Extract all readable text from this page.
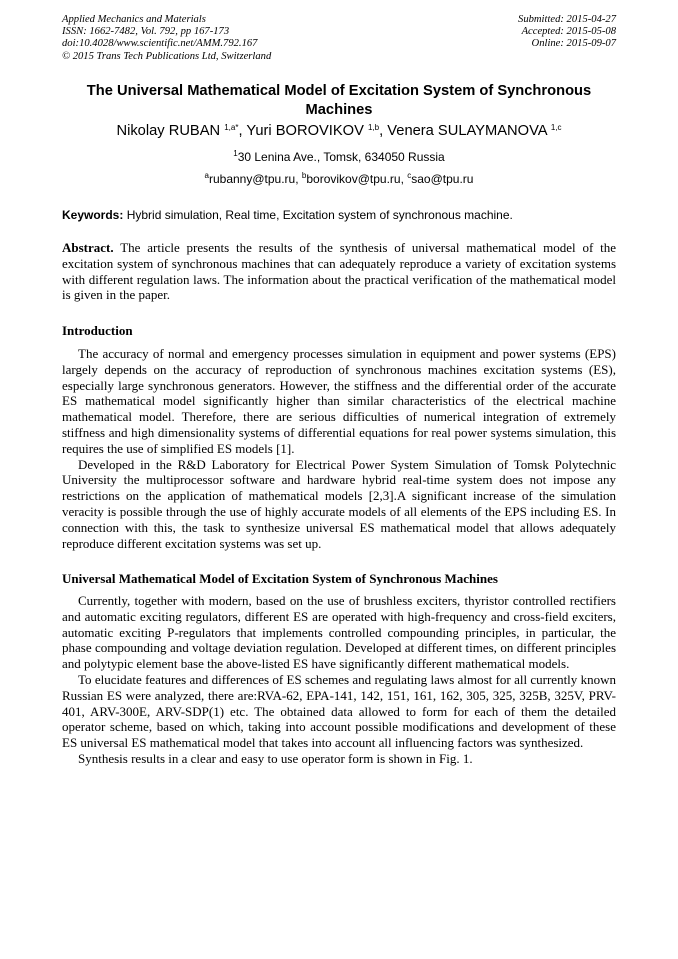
Applied Mechanics and Materials
ISSN: 1662-7482, Vol. 792, pp 167-173
doi:10.4028/www.scientific.net/AMM.792.167
© 2015 Trans Tech Publications Ltd, Switzerland
Submitted: 2015-04-27
Accepted: 2015-05-08
Online: 2015-09-07
The Universal Mathematical Model of Excitation System of Synchronous Machines
Nikolay RUBAN $^{1,a*}$, Yuri BOROVIKOV $^{1,b}$, Venera SULAYMANOVA $^{1,c}$
$^1$30 Lenina Ave., Tomsk, 634050 Russia
$^a$rubanny@tpu.ru, $^b$borovikov@tpu.ru, $^c$sao@tpu.ru
Keywords: Hybrid simulation, Real time, Excitation system of synchronous machine.
Abstract. The article presents the results of the synthesis of universal mathematical model of the excitation system of synchronous machines that can adequately reproduce a variety of excitation systems with different regulation laws. The information about the practical verification of the mathematical model is given in the paper.
Introduction

The accuracy of normal and emergency processes simulation in equipment and power systems (EPS) largely depends on the accuracy of reproduction of synchronous machines excitation systems (ES), especially large synchronous generators. However, the stiffness and the differential order of the accurate ES mathematical model significantly higher than similar characteristics of the electrical machine mathematical model. Therefore, there are serious difficulties of numerical integration of extremely stiffness and high dimensionality systems of differential equations for real power systems simulation, this requires the use of simplified ES models [1].

Developed in the R&D Laboratory for Electrical Power System Simulation of Tomsk Polytechnic University the multiprocessor software and hardware hybrid real-time system does not impose any restrictions on the application of mathematical models [2,3].A significant increase of the simulation veracity is possible through the use of highly accurate models of all elements of the EPS including ES. In connection with this, the task to synthesize universal ES mathematical model that allows adequately reproduce different excitation systems was set up.

Universal Mathematical Model of Excitation System of Synchronous Machines

Currently, together with modern, based on the use of brushless exciters, thyristor controlled rectifiers and automatic exciting regulators, different ES are operated with high-frequency and cross-field exciters, automatic exciting P-regulators that implements controlled compounding principles, in particular, the phase compounding and voltage deviation regulation. Developed at different times, on different principles and polytypic element base the above-listed ES have significantly different mathematical models.

To elucidate features and differences of ES schemes and regulating laws almost for all currently known Russian ES were analyzed, there are:RVA-62, EPA-141, 142, 151, 161, 162, 305, 325, 325B, 325V, PRV-401, ARV-300E, ARV-SDP(1) etc. The obtained data allowed to form for each of them the detailed operator scheme, based on which, taking into account possible modifications and development of these ES universal ES mathematical model that takes into account all influencing factors was synthesized.

Synthesis results in a clear and easy to use operator form is shown in Fig. 1.
